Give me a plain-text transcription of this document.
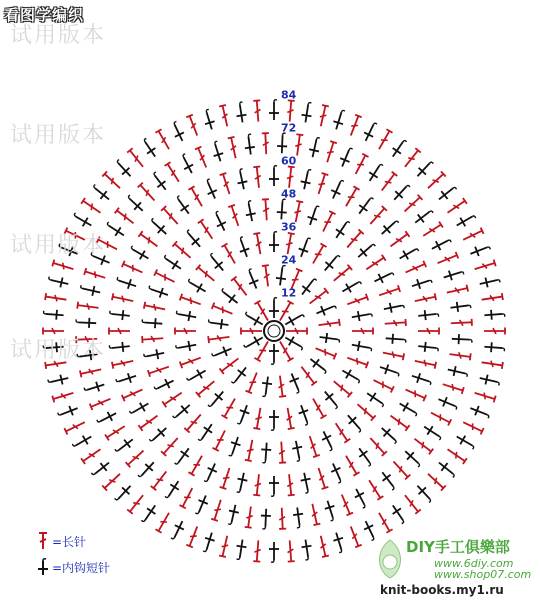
12
24
36
48
60
72
84
看图学编织
试用版本
试用版本
试用版本
试用版本
=长针
=内钩短针
DIY手工俱樂部
www.6diy.com
www.shop07.com
knit-books.my1.ru
